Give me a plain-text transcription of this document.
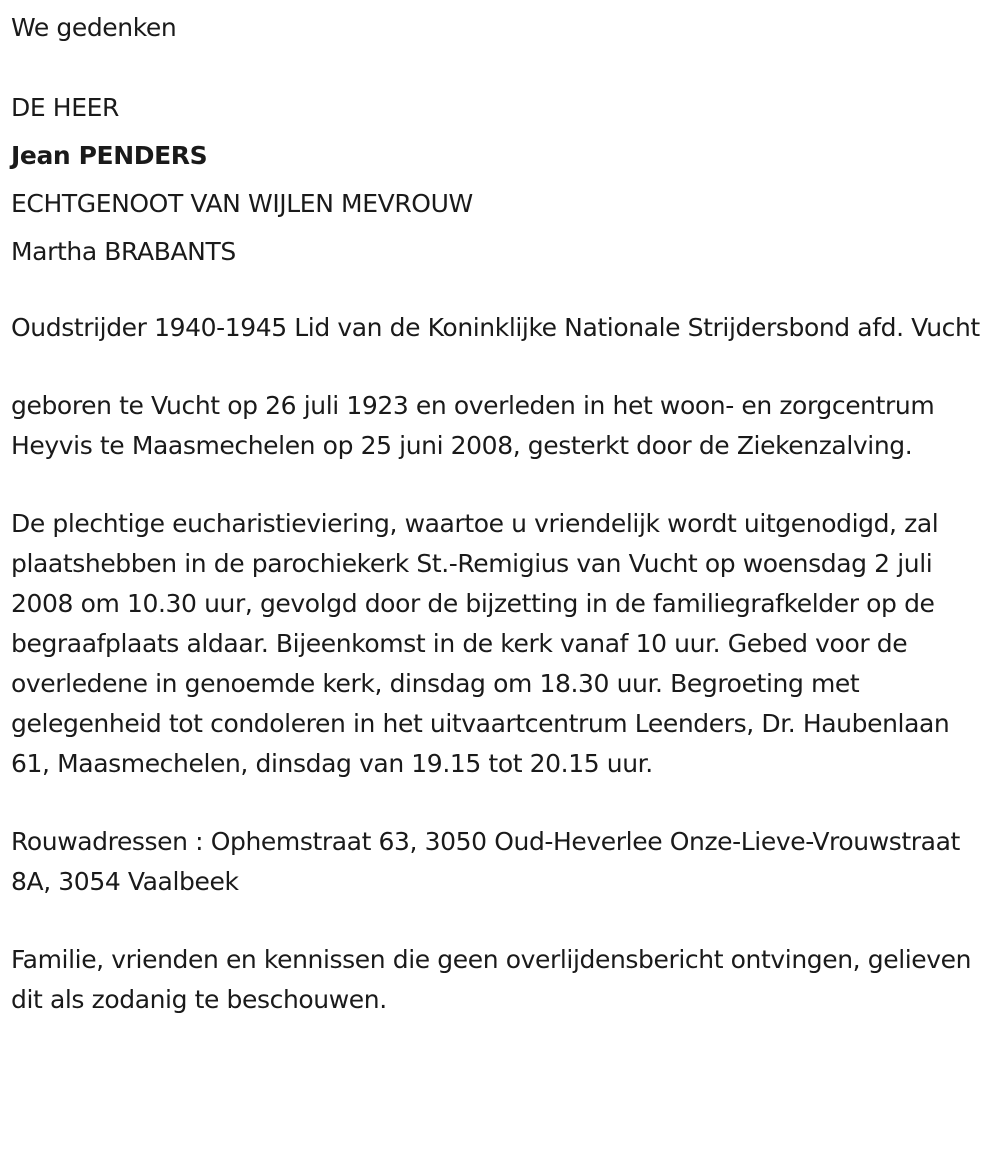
We gedenken

DE HEER

Jean PENDERS

ECHTGENOOT VAN WIJLEN MEVROUW

Martha BRABANTS

Oudstrijder 1940-1945 Lid van de Koninklijke Nationale Strijdersbond afd. Vucht

geboren te Vucht op 26 juli 1923 en overleden in het woon- en zorgcentrum Heyvis te Maasmechelen op 25 juni 2008, gesterkt door de Ziekenzalving.

De plechtige eucharistieviering, waartoe u vriendelijk wordt uitgenodigd, zal plaatshebben in de parochiekerk St.-Remigius van Vucht op woensdag 2 juli 2008 om 10.30 uur, gevolgd door de bijzetting in de familiegrafkelder op de begraafplaats aldaar. Bijeenkomst in de kerk vanaf 10 uur. Gebed voor de overledene in genoemde kerk, dinsdag om 18.30 uur. Begroeting met gelegenheid tot condoleren in het uitvaartcentrum Leenders, Dr. Haubenlaan 61, Maasmechelen, dinsdag van 19.15 tot 20.15 uur.

Rouwadressen : Ophemstraat 63, 3050 Oud-Heverlee Onze-Lieve-Vrouwstraat 8A, 3054 Vaalbeek

Familie, vrienden en kennissen die geen overlijdensbericht ontvingen, gelieven dit als zodanig te beschouwen.
